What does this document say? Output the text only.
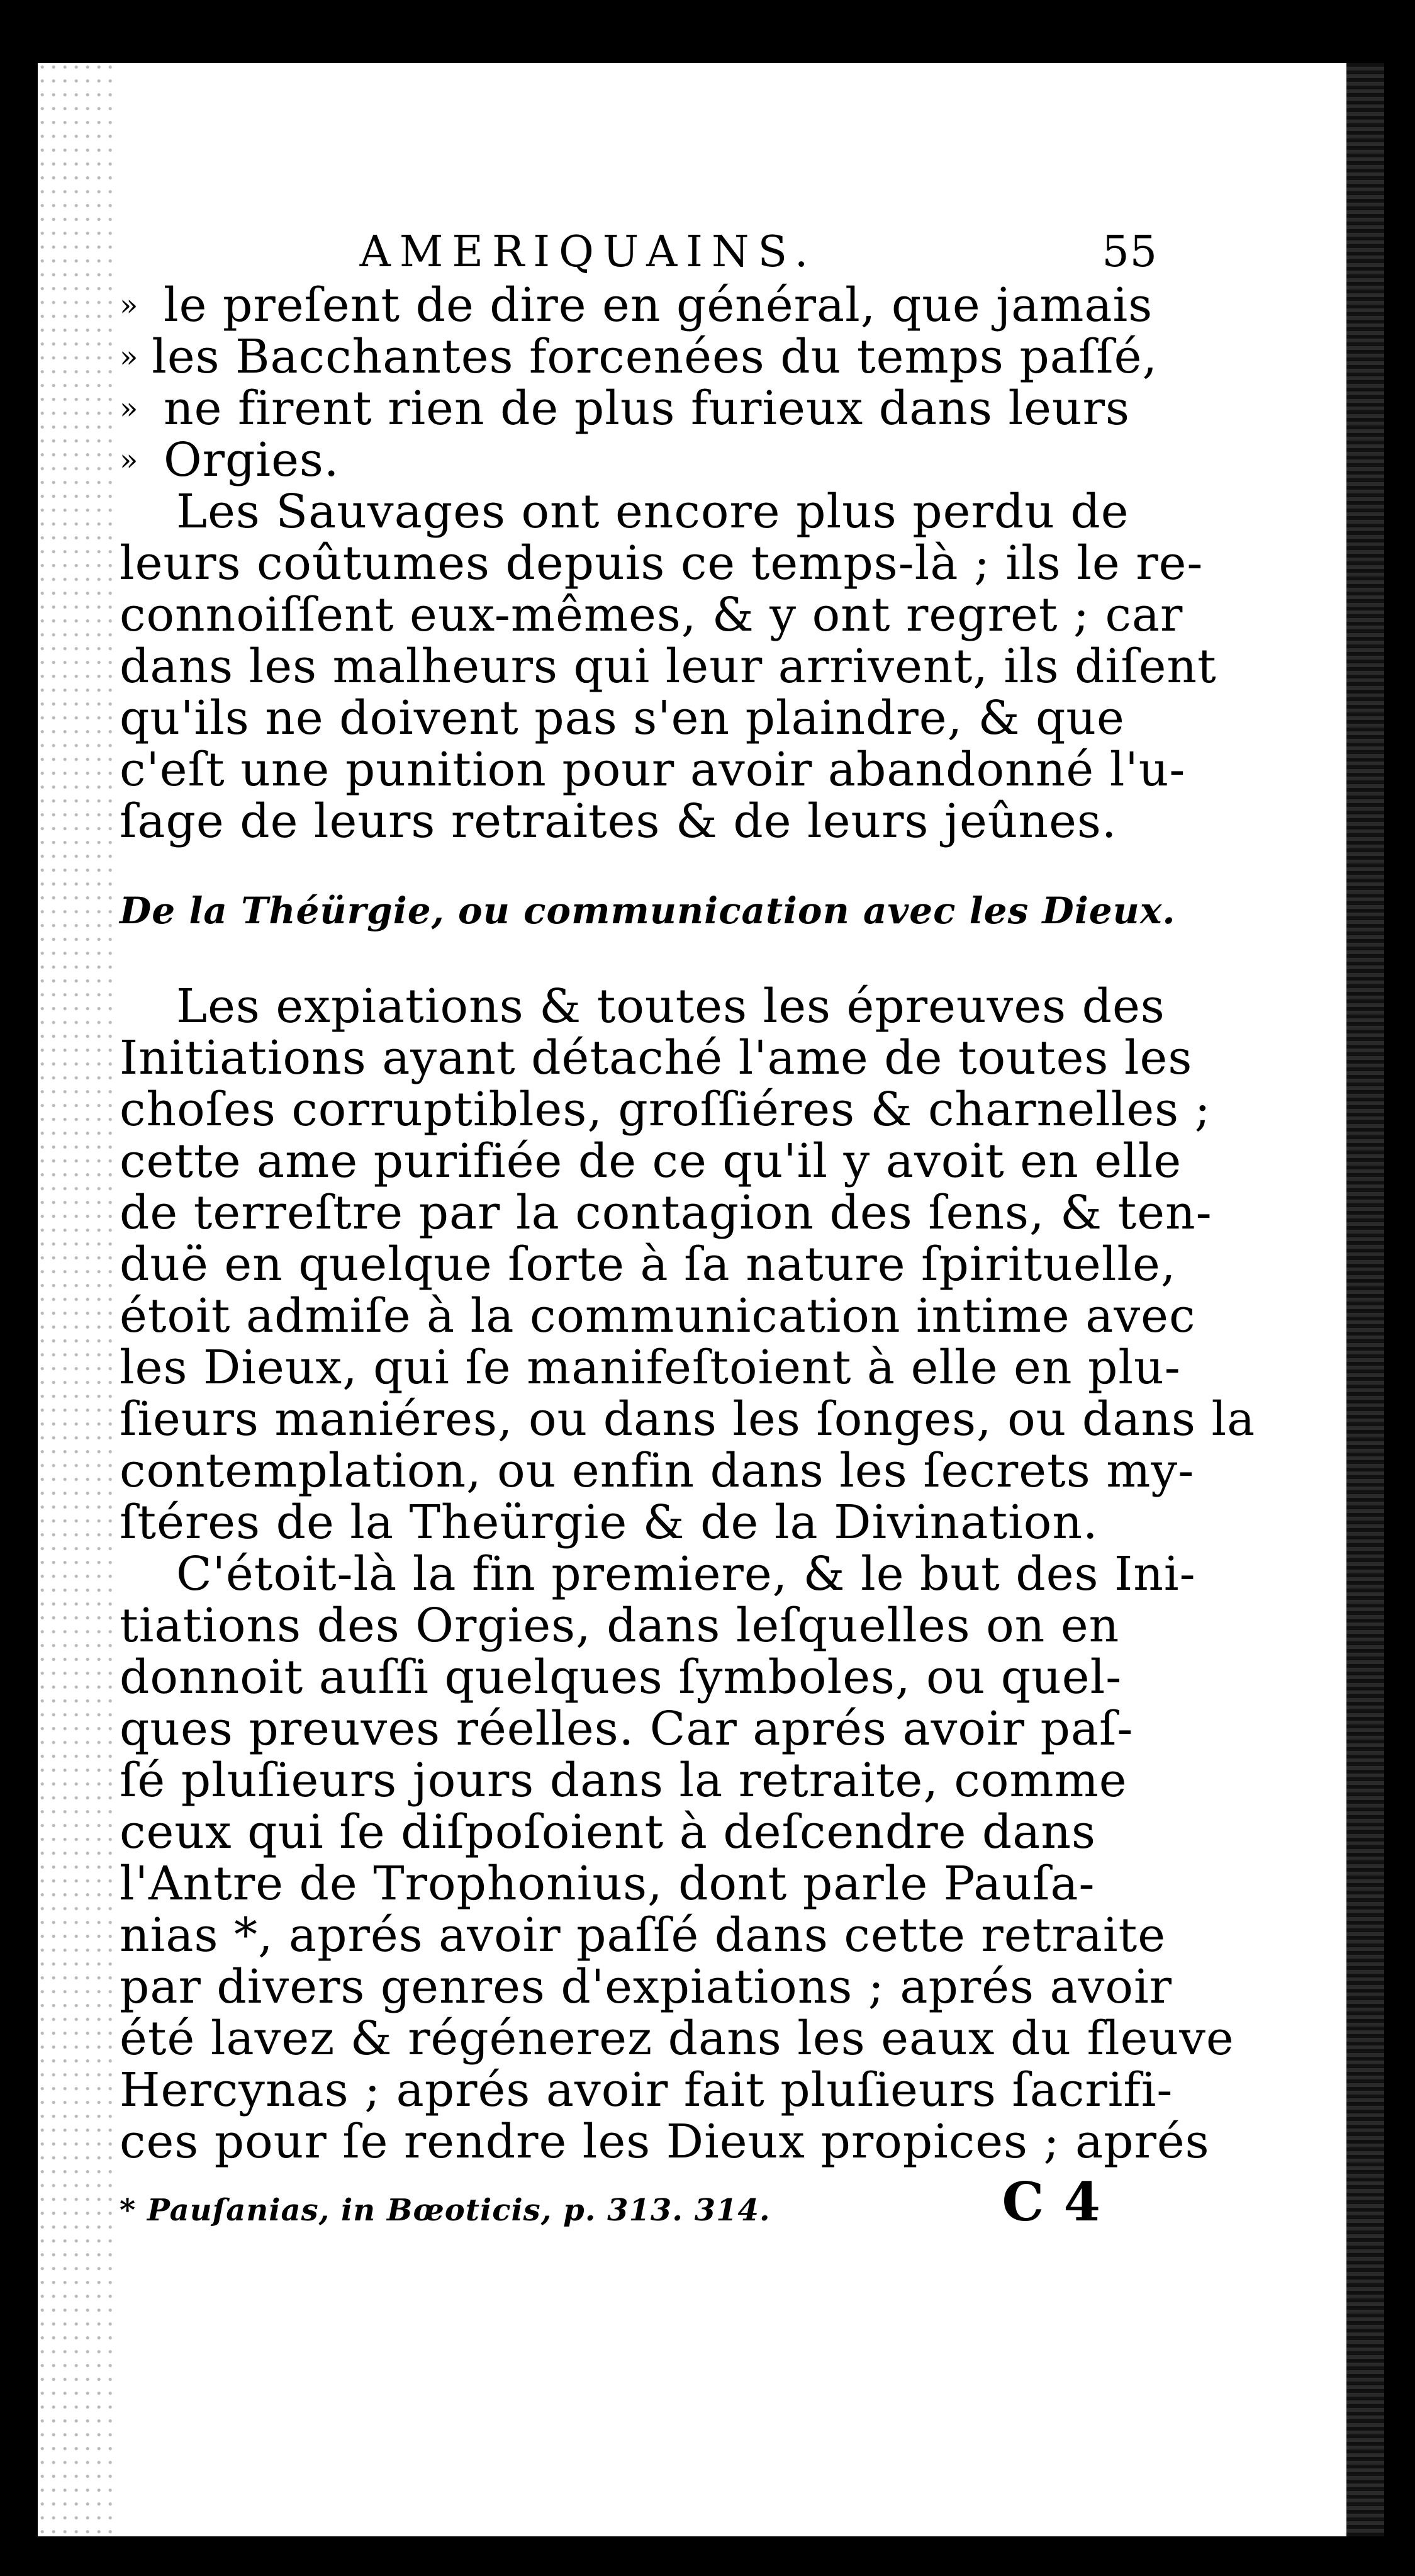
AMERIQUAINS.	55
» le preſent de dire en général, que jamais
» les Bacchantes forcenées du temps paſſé,
» ne firent rien de plus furieux dans leurs
» Orgies.
Les Sauvages ont encore plus perdu de
leurs coûtumes depuis ce temps-là ; ils le re-
connoiſſent eux-mêmes, & y ont regret ; car
dans les malheurs qui leur arrivent, ils diſent
qu'ils ne doivent pas s'en plaindre, & que
c'eſt une punition pour avoir abandonné l'u-
ſage de leurs retraites & de leurs jeûnes.
De la Théürgie, ou communication avec les Dieux.
Les expiations & toutes les épreuves des
Initiations ayant détaché l'ame de toutes les
choſes corruptibles, groſſiéres & charnelles ;
cette ame purifiée de ce qu'il y avoit en elle
de terreſtre par la contagion des ſens, & ten-
duë en quelque ſorte à ſa nature ſpirituelle,
étoit admiſe à la communication intime avec
les Dieux, qui ſe manifeſtoient à elle en plu-
ſieurs maniéres, ou dans les ſonges, ou dans la
contemplation, ou enfin dans les ſecrets my-
ſtéres de la Theürgie & de la Divination.
C'étoit-là la fin premiere, & le but des Ini-
tiations des Orgies, dans leſquelles on en
donnoit auſſi quelques ſymboles, ou quel-
ques preuves réelles. Car aprés avoir paſ-
ſé pluſieurs jours dans la retraite, comme
ceux qui ſe diſpoſoient à deſcendre dans
l'Antre de Trophonius, dont parle Pauſa-
nias *, aprés avoir paſſé dans cette retraite
par divers genres d'expiations ; aprés avoir
été lavez & régénerez dans les eaux du fleuve
Hercynas ; aprés avoir fait pluſieurs ſacrifi-
ces pour ſe rendre les Dieux propices ; aprés
* Pauſanias, in Bœoticis, p. 313. 314.	C 4
